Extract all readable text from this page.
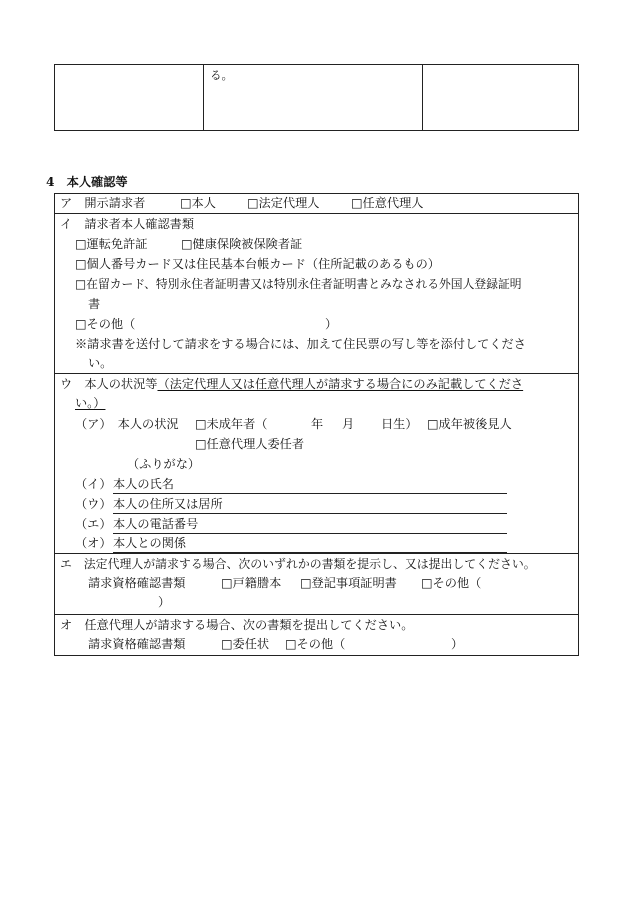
る。
4　本人確認等
ア　開示請求者	□本人	□法定代理人	□任意代理人
イ　請求者本人確認書類
□運転免許証	□健康保険被保険者証
□個人番号カード又は住民基本台帳カード（住所記載のあるもの）
□在留カード、特別永住者証明書又は特別永住者証明書とみなされる外国人登録証明
書
□その他（	）
※請求書を送付して請求をする場合には、加えて住民票の写し等を添付してくださ
い。
ウ　本人の状況等（法定代理人又は任意代理人が請求する場合にのみ記載してくださ
い。）
（ア）　本人の状況 □未成年者（	年 月 日生） □成年被後見人
□任意代理人委任者
（ふりがな）
（イ） 本人の氏名
（ウ） 本人の住所又は居所
（エ） 本人の電話番号
（オ） 本人との関係
エ　法定代理人が請求する場合、次のいずれかの書類を提示し、又は提出してください。
請求資格確認書類	□戸籍謄本 □登記事項証明書 □その他（
）
オ　任意代理人が請求する場合、次の書類を提出してください。
請求資格確認書類	□委任状 □その他（	）
